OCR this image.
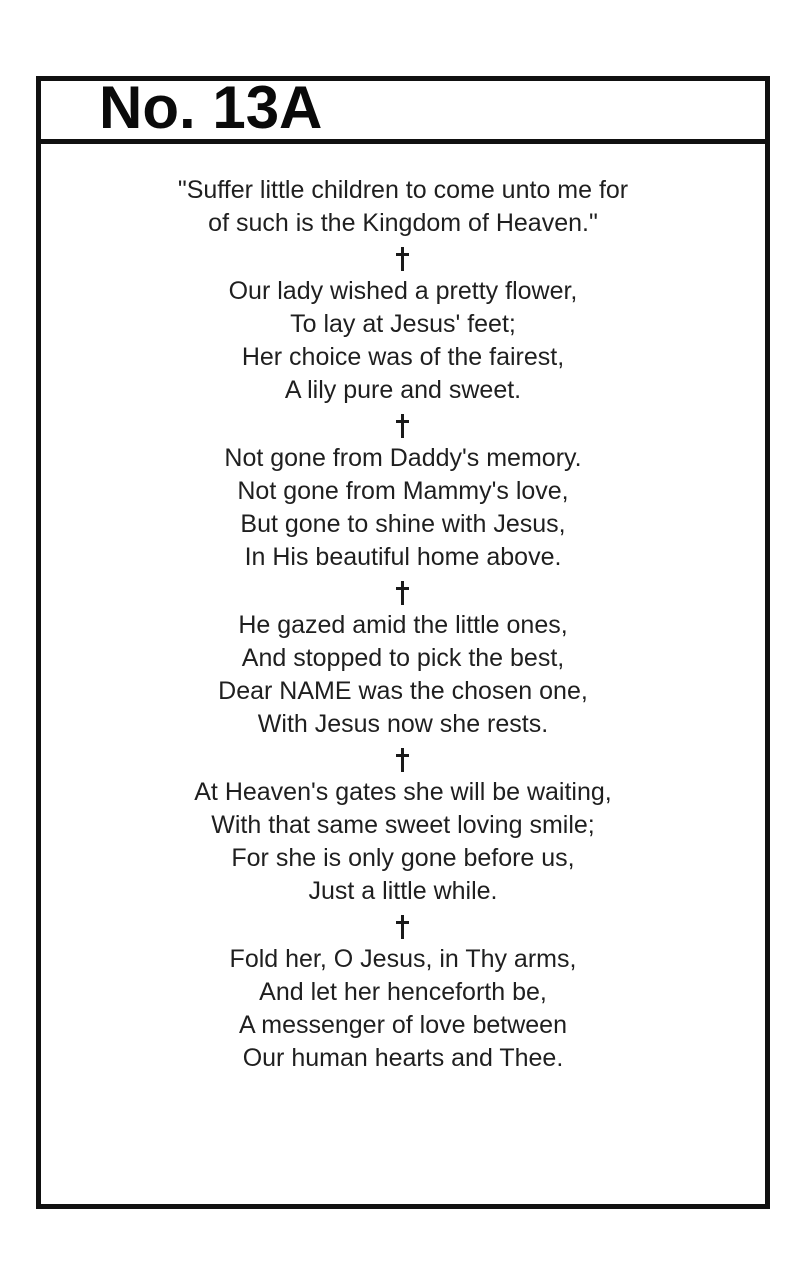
No. 13A
"Suffer little children to come unto me for
of such is the Kingdom of Heaven."
Our lady wished a pretty flower,
To lay at Jesus' feet;
Her choice was of the fairest,
A lily pure and sweet.
Not gone from Daddy's memory.
Not gone from Mammy's love,
But gone to shine with Jesus,
In His beautiful home above.
He gazed amid the little ones,
And stopped to pick the best,
Dear NAME was the chosen one,
With Jesus now she rests.
At Heaven's gates she will be waiting,
With that same sweet loving smile;
For she is only gone before us,
Just a little while.
Fold her, O Jesus, in Thy arms,
And let her henceforth be,
A messenger of love between
Our human hearts and Thee.
